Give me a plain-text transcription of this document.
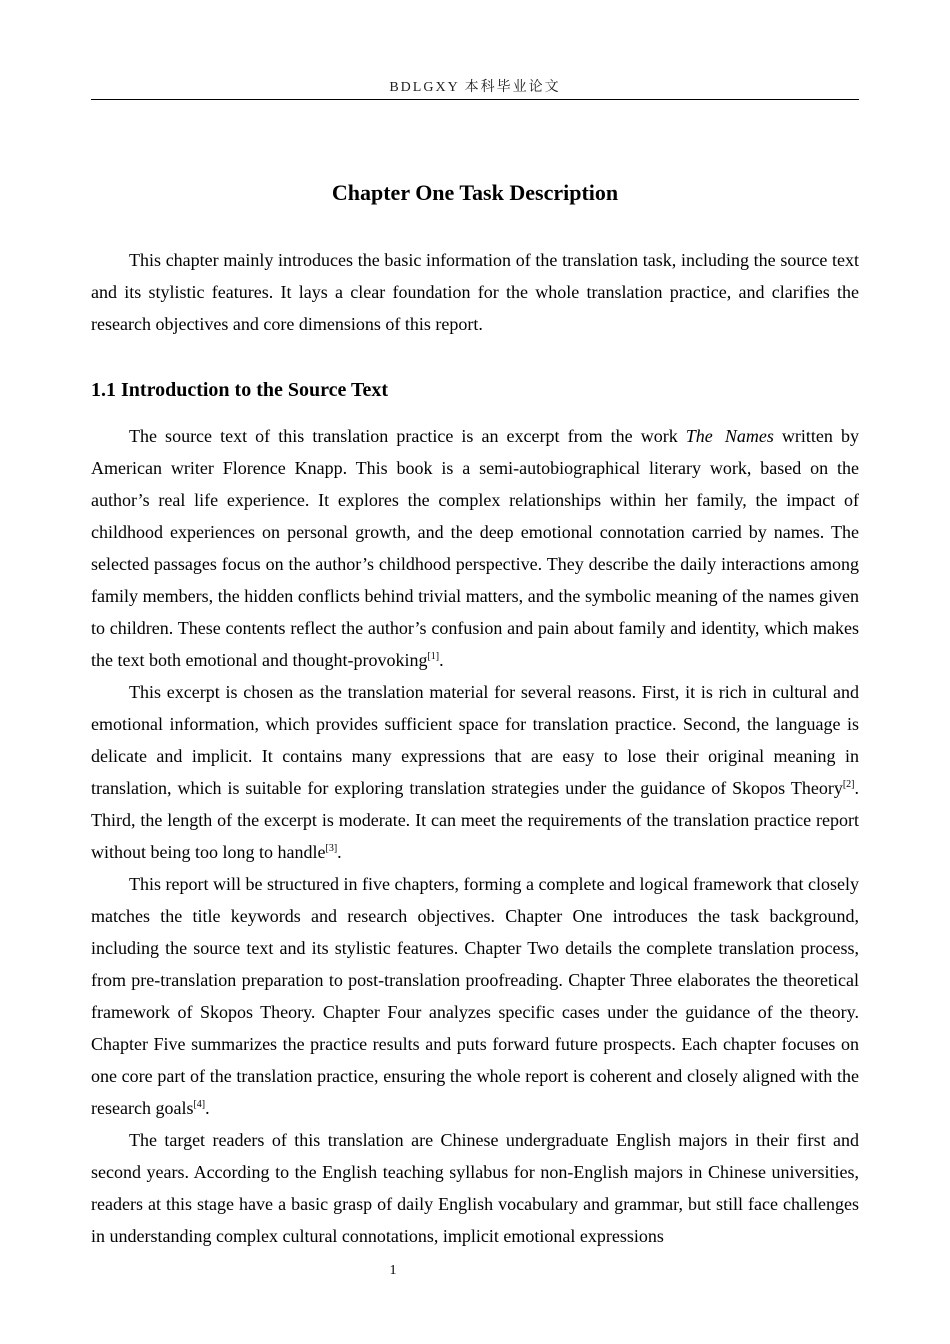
BDLGXY 本科毕业论文
Chapter One Task Description

This chapter mainly introduces the basic information of the translation task, including the source text and its stylistic features. It lays a clear foundation for the whole translation practice, and clarifies the research objectives and core dimensions of this report.

1.1 Introduction to the Source Text

The source text of this translation practice is an excerpt from the work The Names written by American writer Florence Knapp. This book is a semi-autobiographical literary work, based on the author’s real life experience. It explores the complex relationships within her family, the impact of childhood experiences on personal growth, and the deep emotional connotation carried by names. The selected passages focus on the author’s childhood perspective. They describe the daily interactions among family members, the hidden conflicts behind trivial matters, and the symbolic meaning of the names given to children. These contents reflect the author’s confusion and pain about family and identity, which makes the text both emotional and thought-provoking[1].

This excerpt is chosen as the translation material for several reasons. First, it is rich in cultural and emotional information, which provides sufficient space for translation practice. Second, the language is delicate and implicit. It contains many expressions that are easy to lose their original meaning in translation, which is suitable for exploring translation strategies under the guidance of Skopos Theory[2]. Third, the length of the excerpt is moderate. It can meet the requirements of the translation practice report without being too long to handle[3].

This report will be structured in five chapters, forming a complete and logical framework that closely matches the title keywords and research objectives. Chapter One introduces the task background, including the source text and its stylistic features. Chapter Two details the complete translation process, from pre-translation preparation to post-translation proofreading. Chapter Three elaborates the theoretical framework of Skopos Theory. Chapter Four analyzes specific cases under the guidance of the theory. Chapter Five summarizes the practice results and puts forward future prospects. Each chapter focuses on one core part of the translation practice, ensuring the whole report is coherent and closely aligned with the research goals[4].

The target readers of this translation are Chinese undergraduate English majors in their first and second years. According to the English teaching syllabus for non-English majors in Chinese universities, readers at this stage have a basic grasp of daily English vocabulary and grammar, but still face challenges in understanding complex cultural connotations, implicit emotional expressions

1
